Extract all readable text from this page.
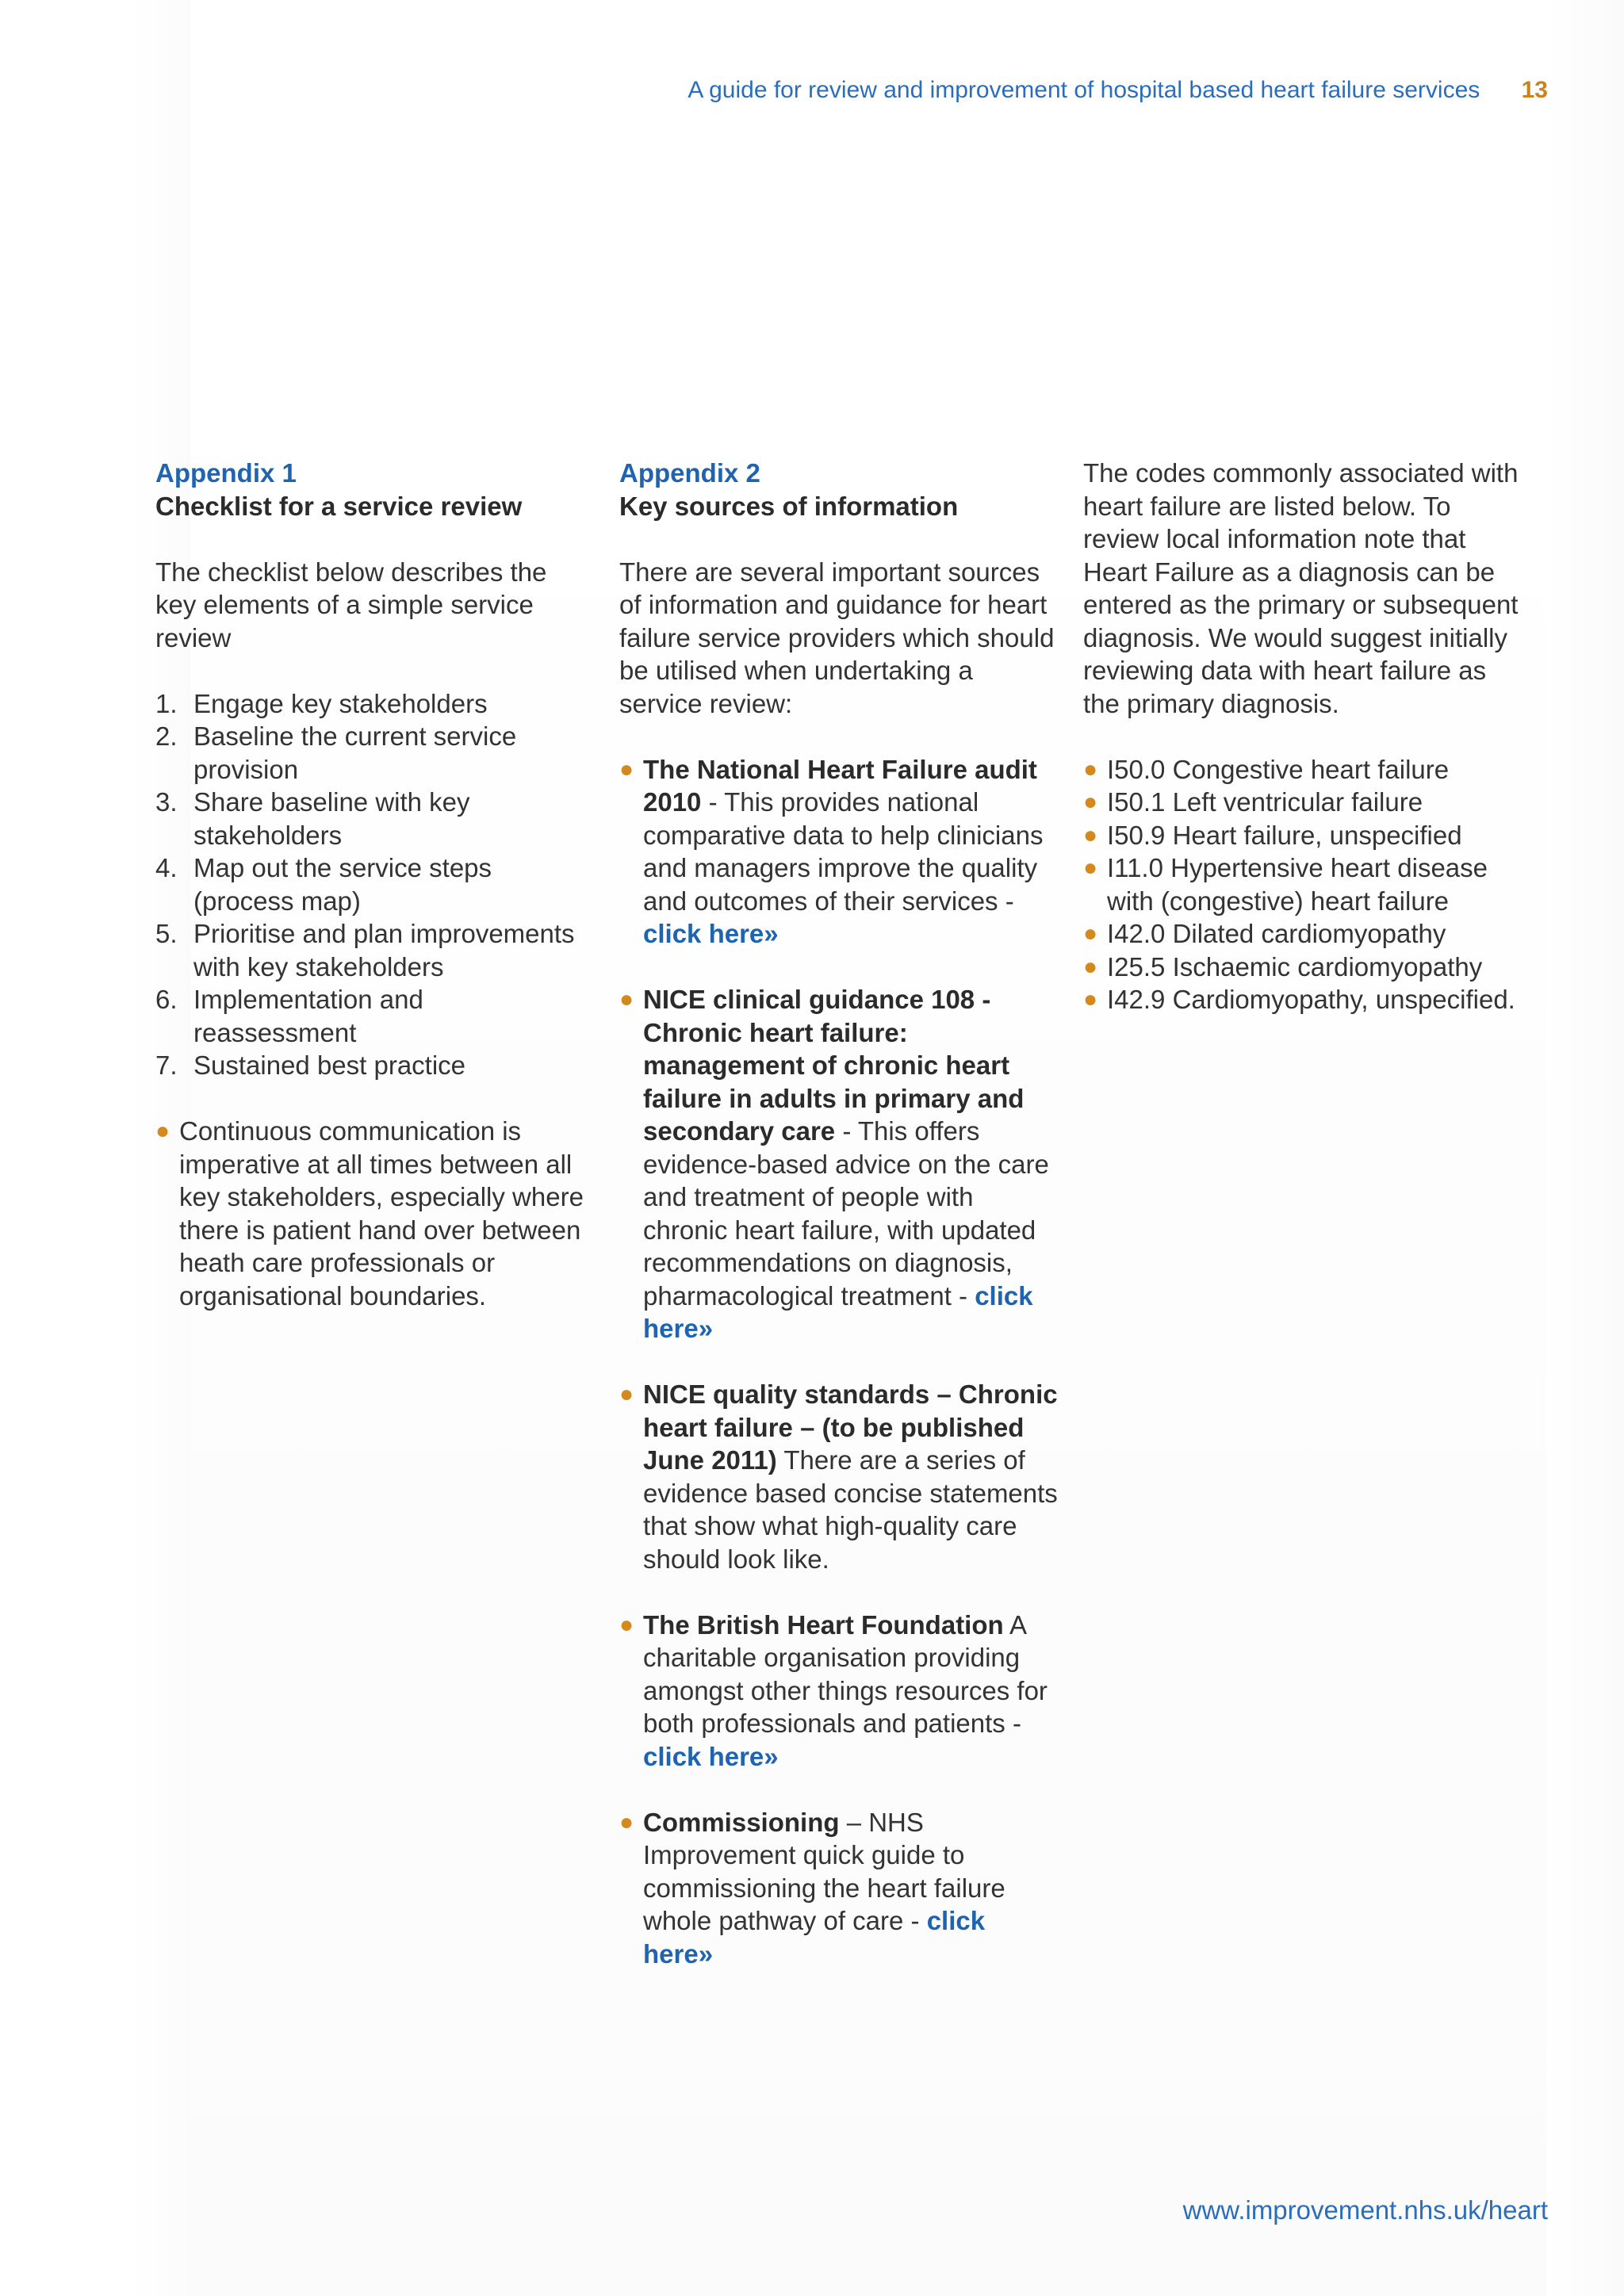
A guide for review and improvement of hospital based heart failure services 13
Appendix 1
Checklist for a service review

The checklist below describes the key elements of a simple service review

1. Engage key stakeholders
2. Baseline the current service provision
3. Share baseline with key stakeholders
4. Map out the service steps (process map)
5. Prioritise and plan improvements with key stakeholders
6. Implementation and reassessment
7. Sustained best practice
● Continuous communication is imperative at all times between all key stakeholders, especially where there is patient hand over between heath care professionals or organisational boundaries.
Appendix 2
Key sources of information

There are several important sources of information and guidance for heart failure service providers which should be utilised when undertaking a service review:

● The National Heart Failure audit 2010 - This provides national comparative data to help clinicians and managers improve the quality and outcomes of their services - click here»
● NICE clinical guidance 108 - Chronic heart failure: management of chronic heart failure in adults in primary and secondary care - This offers evidence-based advice on the care and treatment of people with chronic heart failure, with updated recommendations on diagnosis, pharmacological treatment - click here»
● NICE quality standards – Chronic heart failure – (to be published June 2011) There are a series of evidence based concise statements that show what high-quality care should look like.
● The British Heart Foundation A charitable organisation providing amongst other things resources for both professionals and patients - click here»
● Commissioning – NHS Improvement quick guide to commissioning the heart failure whole pathway of care - click here»

The codes commonly associated with heart failure are listed below. To review local information note that Heart Failure as a diagnosis can be entered as the primary or subsequent diagnosis. We would suggest initially reviewing data with heart failure as the primary diagnosis.

● I50.0 Congestive heart failure
● I50.1 Left ventricular failure
● I50.9 Heart failure, unspecified
● I11.0 Hypertensive heart disease with (congestive) heart failure
● I42.0 Dilated cardiomyopathy
● I25.5 Ischaemic cardiomyopathy
● I42.9 Cardiomyopathy, unspecified.
www.improvement.nhs.uk/heart
